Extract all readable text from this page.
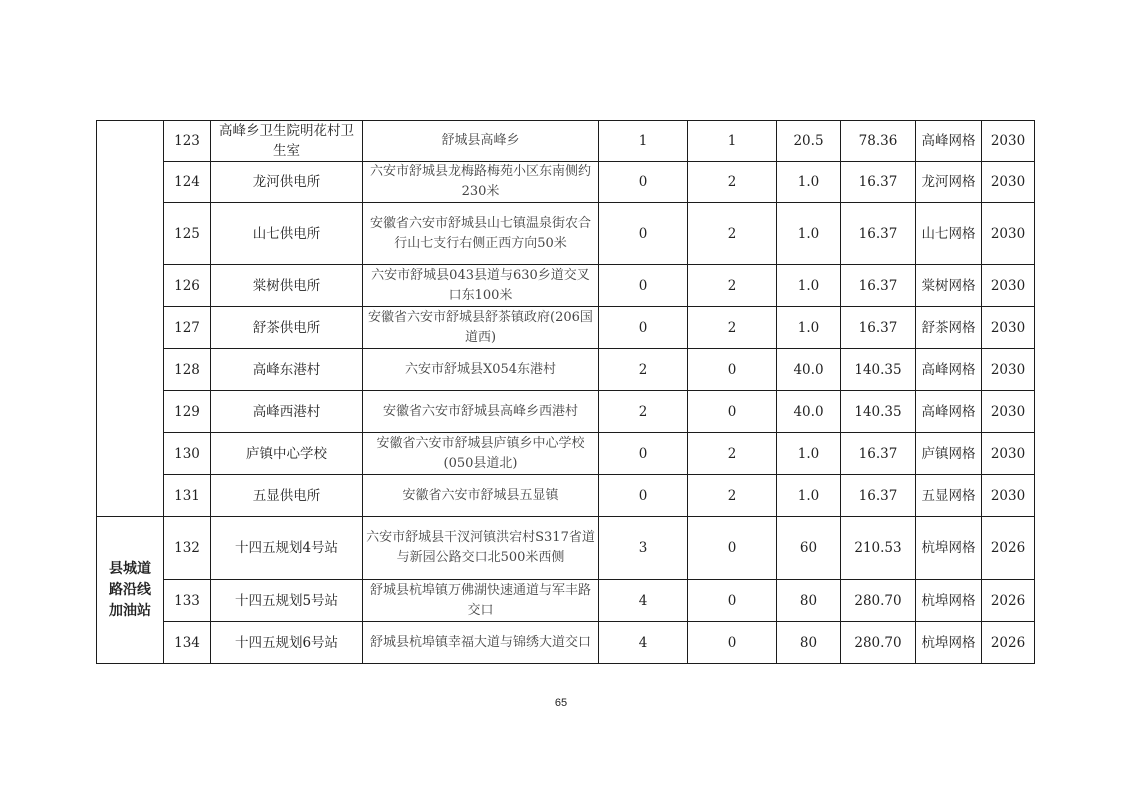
	123	高峰乡卫生院明花村卫生室	舒城县高峰乡	1	1	20.5	78.36	高峰网格	2030
	124	龙河供电所	六安市舒城县龙梅路梅苑小区东南侧约230米	0	2	1.0	16.37	龙河网格	2030
	125	山七供电所	安徽省六安市舒城县山七镇温泉街农合行山七支行右侧正西方向50米	0	2	1.0	16.37	山七网格	2030
	126	棠树供电所	六安市舒城县043县道与630乡道交叉口东100米	0	2	1.0	16.37	棠树网格	2030
	127	舒茶供电所	安徽省六安市舒城县舒茶镇政府(206国道西)	0	2	1.0	16.37	舒茶网格	2030
	128	高峰东港村	六安市舒城县X054东港村	2	0	40.0	140.35	高峰网格	2030
	129	高峰西港村	安徽省六安市舒城县高峰乡西港村	2	0	40.0	140.35	高峰网格	2030
	130	庐镇中心学校	安徽省六安市舒城县庐镇乡中心学校(050县道北)	0	2	1.0	16.37	庐镇网格	2030
	131	五显供电所	安徽省六安市舒城县五显镇	0	2	1.0	16.37	五显网格	2030
县城道路沿线加油站	132	十四五规划4号站	六安市舒城县干汊河镇洪宕村S317省道与新园公路交口北500米西侧	3	0	60	210.53	杭埠网格	2026
	133	十四五规划5号站	舒城县杭埠镇万佛湖快速通道与军丰路交口	4	0	80	280.70	杭埠网格	2026
	134	十四五规划6号站	舒城县杭埠镇幸福大道与锦绣大道交口	4	0	80	280.70	杭埠网格	2026
65
